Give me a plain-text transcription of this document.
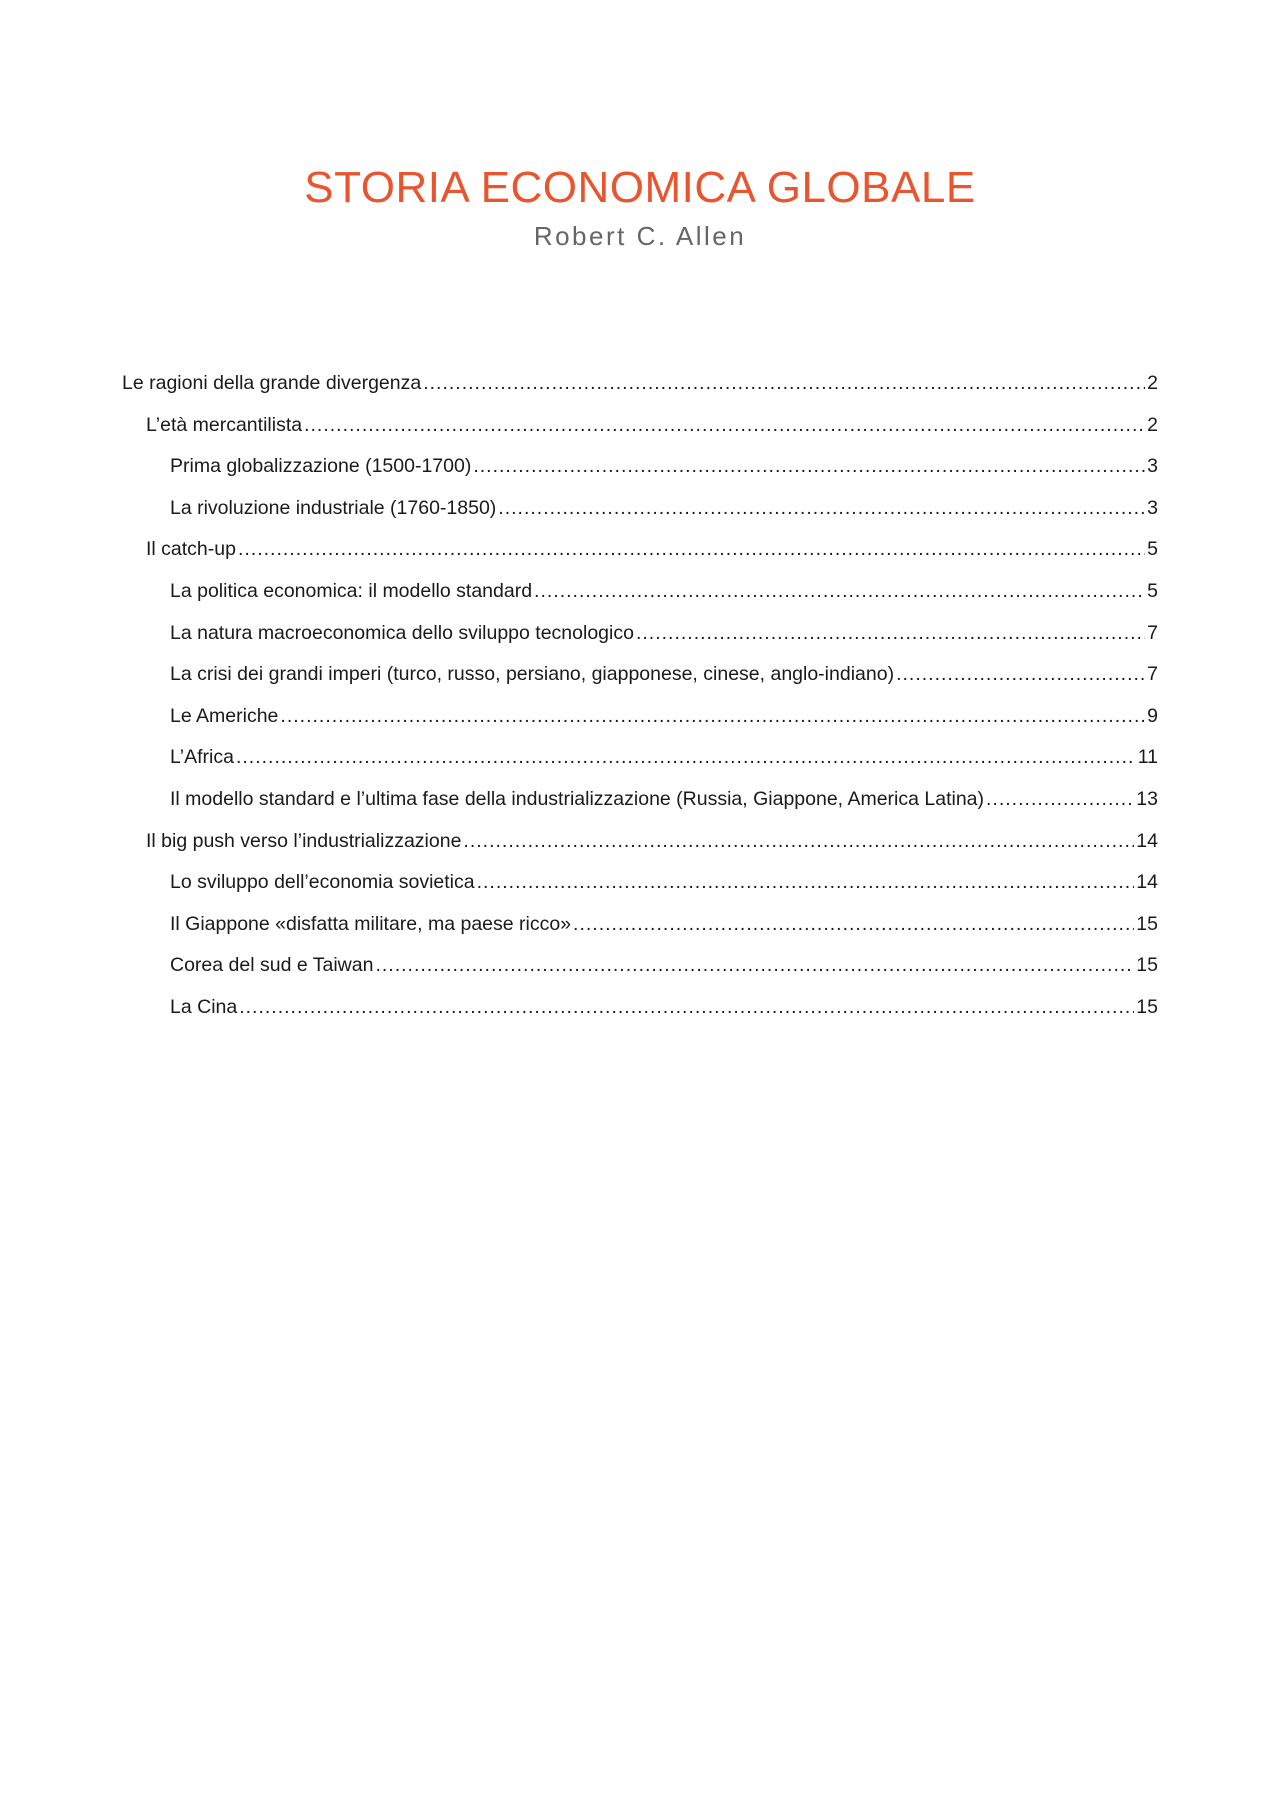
STORIA ECONOMICA GLOBALE
Robert C. Allen
Le ragioni della grande divergenza .....	2
L’età mercantilista .....	2
Prima globalizzazione (1500-1700) .....	3
La rivoluzione industriale (1760-1850) .....	3
Il catch-up .....	5
La politica economica: il modello standard .....	5
La natura macroeconomica dello sviluppo tecnologico .....	7
La crisi dei grandi imperi (turco, russo, persiano, giapponese, cinese, anglo-indiano) .....	7
Le Americhe .....	9
L’Africa .....	11
Il modello standard e l’ultima fase della industrializzazione (Russia, Giappone, America Latina) .....	13
Il big push verso l’industrializzazione .....	14
Lo sviluppo dell’economia sovietica .....	14
Il Giappone «disfatta militare, ma paese ricco» .....	15
Corea del sud e Taiwan .....	15
La Cina .....	15
